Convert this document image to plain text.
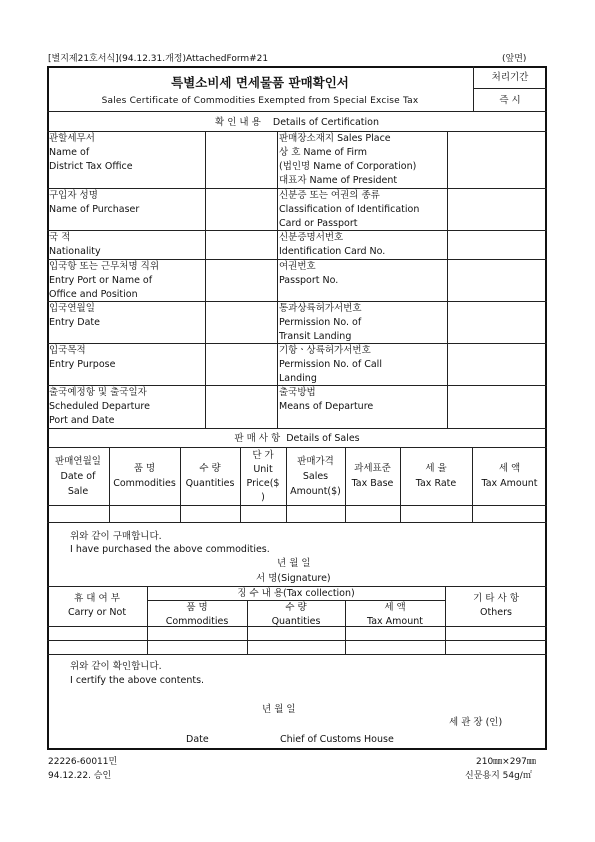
[별지제21호서식](94.12.31.개정)AttachedForm#21	(앞면)
특별소비세 면세물품 판매확인서
Sales Certificate of Commodities Exempted from Special Excise Tax
처리기간
즉 시
확 인 내 용 Details of Certification
관할세무서
Name of
District Tax Office
구입자 성명
Name of Purchaser
국 적
Nationality
입국항 또는 근무처명 직위
Entry Port or Name of
Office and Position
입국연월일
Entry Date
입국목적
Entry Purpose
출국예정항 및 출국일자
Scheduled Departure
Port and Date
판매장소재지 Sales Place
상 호 Name of Firm
(법인명 Name of Corporation)
대표자 Name of President
신분증 또는 여권의 종류
Classification of Identification
Card or Passport
신분증명서번호
Identification Card No.
여권번호
Passport No.
통과상륙허가서번호
Permission No. of
Transit Landing
기항ㆍ상륙허가서번호
Permission No. of Call
Landing
출국방법
Means of Departure
판 매 사 항 Details of Sales
판매연월일
Date of
Sale
품 명
Commodities
수 량
Quantities
단 가
Unit
Price($
)
판매가격
Sales
Amount($)
과세표준
Tax Base
세 율
Tax Rate
세 액
Tax Amount
위와 같이 구매합니다.
I have purchased the above commodities.
년 월 일
서 명(Signature)
휴 대 여 부
Carry or Not
징 수 내 용(Tax collection)
품 명
Commodities
수 량
Quantities
세 액
Tax Amount
기 타 사 항
Others
위와 같이 확인합니다.
I certify the above contents.
년 월 일
세 관 장 (인)
Date	Chief of Customs House
22226-60011민
94.12.22. 승인
210㎜×297㎜
신문용지 54g/㎡
